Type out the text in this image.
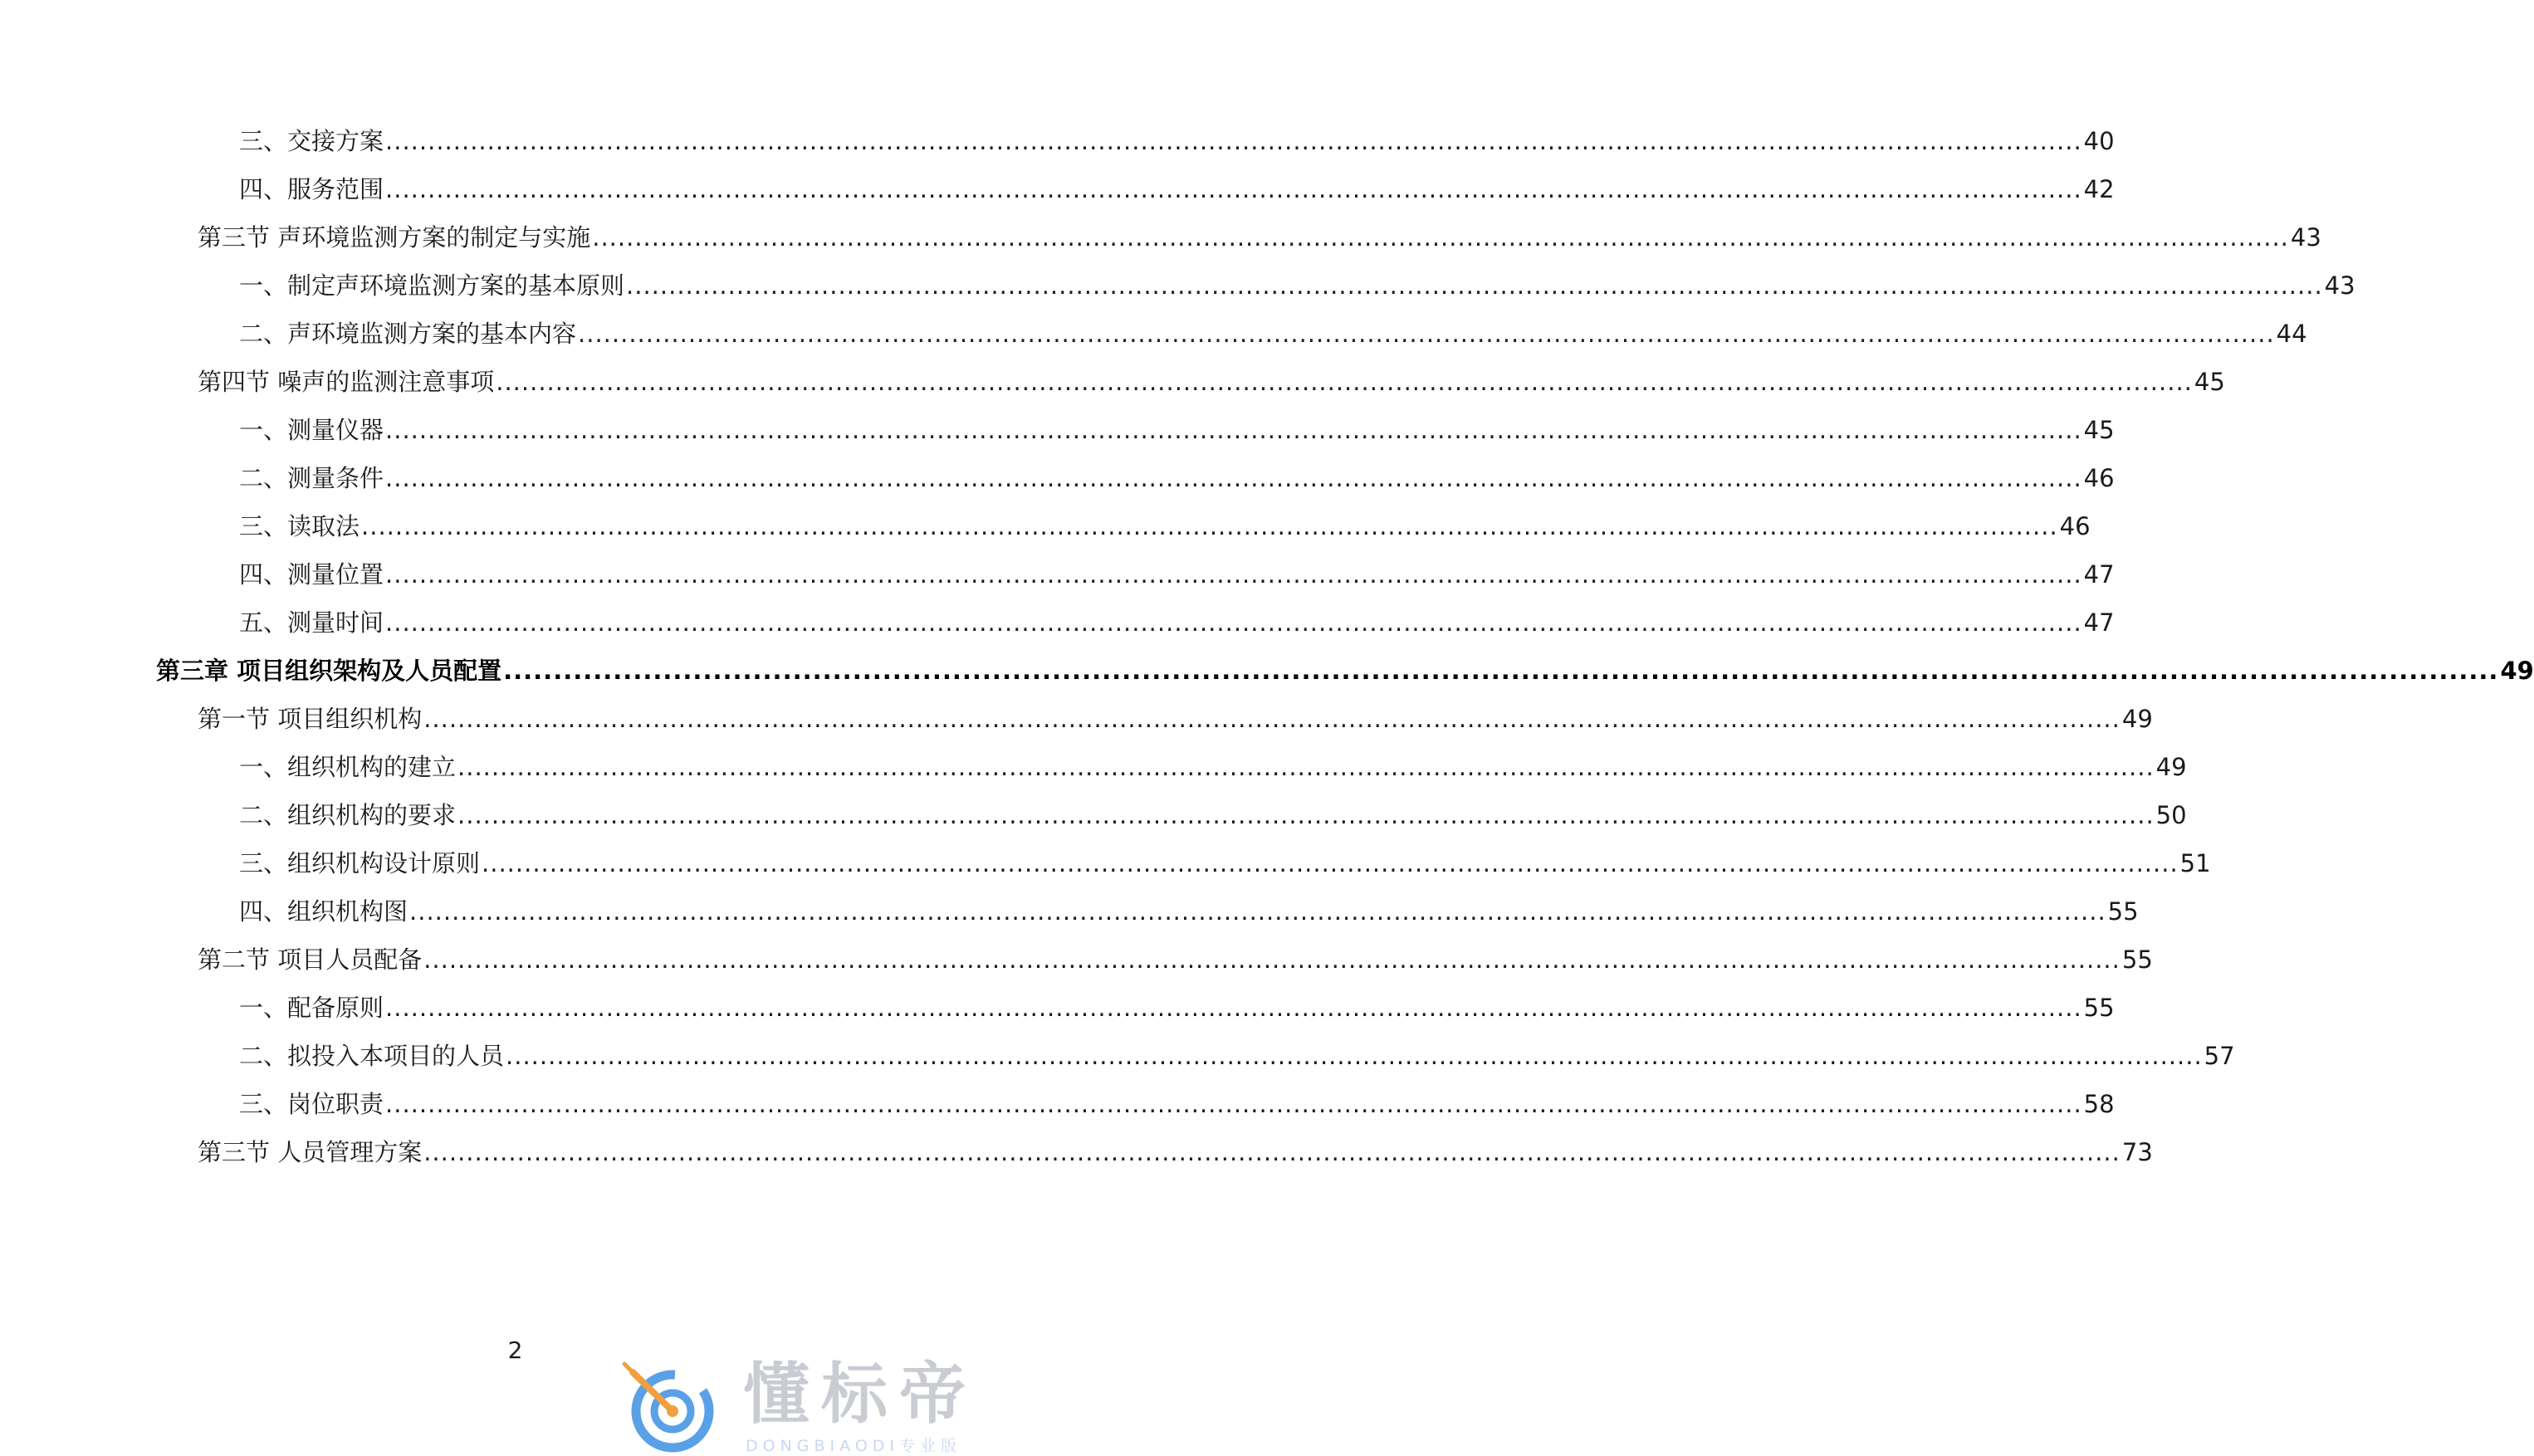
三、交接方案 ........................................................................................................................................................................................................ 40
四、服务范围 ........................................................................................................................................................................................................ 42
第三节 声环境监测方案的制定与实施 ........................................................................................................................................................................................................ 43
一、制定声环境监测方案的基本原则 ........................................................................................................................................................................................................ 43
二、声环境监测方案的基本内容 ........................................................................................................................................................................................................ 44
第四节 噪声的监测注意事项 ........................................................................................................................................................................................................ 45
一、测量仪器 ........................................................................................................................................................................................................ 45
二、测量条件 ........................................................................................................................................................................................................ 46
三、读取法 ........................................................................................................................................................................................................ 46
四、测量位置 ........................................................................................................................................................................................................ 47
五、测量时间 ........................................................................................................................................................................................................ 47
第三章 项目组织架构及人员配置 ........................................................................................................................................................................................................ 49
第一节 项目组织机构 ........................................................................................................................................................................................................ 49
一、组织机构的建立 ........................................................................................................................................................................................................ 49
二、组织机构的要求 ........................................................................................................................................................................................................ 50
三、组织机构设计原则 ........................................................................................................................................................................................................ 51
四、组织机构图 ........................................................................................................................................................................................................ 55
第二节 项目人员配备 ........................................................................................................................................................................................................ 55
一、配备原则 ........................................................................................................................................................................................................ 55
二、拟投入本项目的人员 ........................................................................................................................................................................................................ 57
三、岗位职责 ........................................................................................................................................................................................................ 58
第三节 人员管理方案 ........................................................................................................................................................................................................ 73
2
懂标帝
DONGBIAODI专业版
